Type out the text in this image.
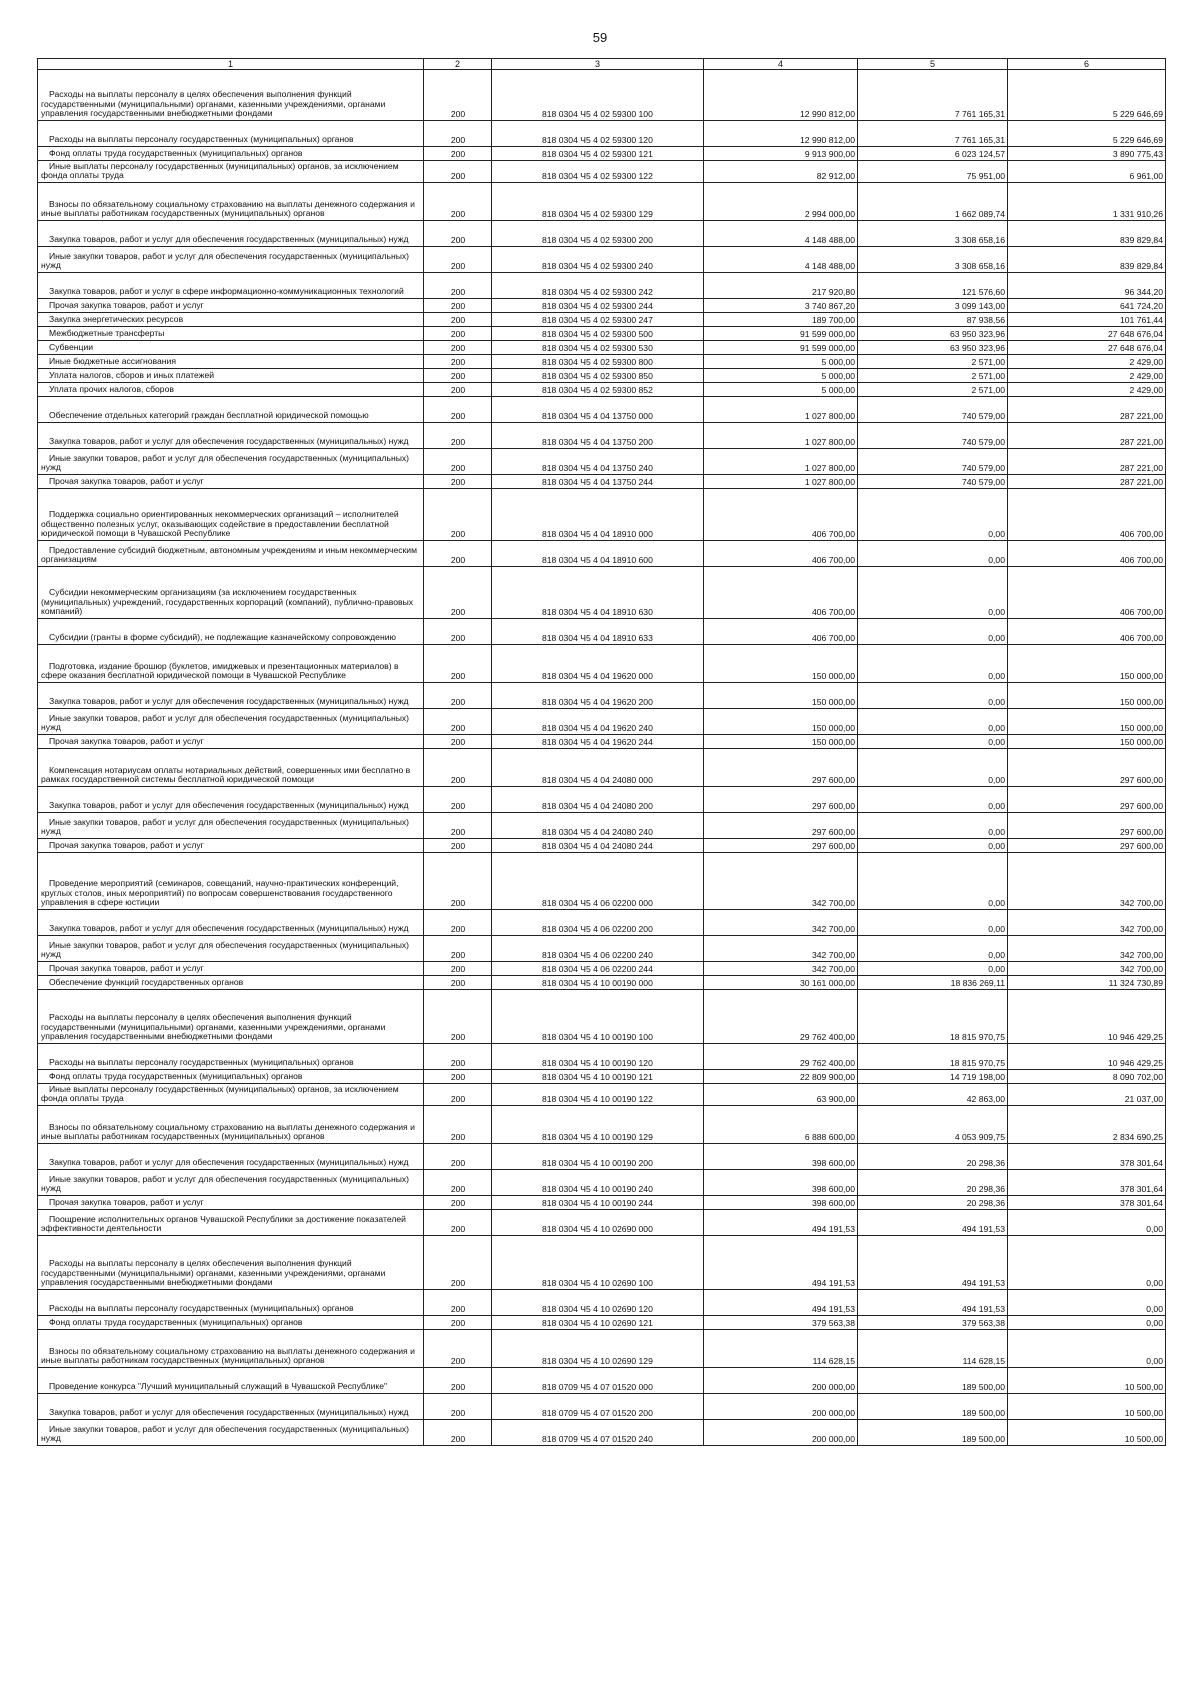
59
1	2	3	4	5	6
Расходы на выплаты персоналу в целях обеспечения выполнения функций государственными (муниципальными) органами, казенными учреждениями, органами управления государственными внебюджетными фондами	200	818 0304 Ч5 4 02 59300 100	12 990 812,00	7 761 165,31	5 229 646,69
Расходы на выплаты персоналу государственных (муниципальных) органов	200	818 0304 Ч5 4 02 59300 120	12 990 812,00	7 761 165,31	5 229 646,69
Фонд оплаты труда государственных (муниципальных) органов	200	818 0304 Ч5 4 02 59300 121	9 913 900,00	6 023 124,57	3 890 775,43
Иные выплаты персоналу государственных (муниципальных) органов, за исключением фонда оплаты труда	200	818 0304 Ч5 4 02 59300 122	82 912,00	75 951,00	6 961,00
Взносы по обязательному социальному страхованию на выплаты денежного содержания и иные выплаты работникам государственных (муниципальных) органов	200	818 0304 Ч5 4 02 59300 129	2 994 000,00	1 662 089,74	1 331 910,26
Закупка товаров, работ и услуг для обеспечения государственных (муниципальных) нужд	200	818 0304 Ч5 4 02 59300 200	4 148 488,00	3 308 658,16	839 829,84
Иные закупки товаров, работ и услуг для обеспечения государственных (муниципальных) нужд	200	818 0304 Ч5 4 02 59300 240	4 148 488,00	3 308 658,16	839 829,84
Закупка товаров, работ и услуг в сфере информационно-коммуникационных технологий	200	818 0304 Ч5 4 02 59300 242	217 920,80	121 576,60	96 344,20
Прочая закупка товаров, работ и услуг	200	818 0304 Ч5 4 02 59300 244	3 740 867,20	3 099 143,00	641 724,20
Закупка энергетических ресурсов	200	818 0304 Ч5 4 02 59300 247	189 700,00	87 938,56	101 761,44
Межбюджетные трансферты	200	818 0304 Ч5 4 02 59300 500	91 599 000,00	63 950 323,96	27 648 676,04
Субвенции	200	818 0304 Ч5 4 02 59300 530	91 599 000,00	63 950 323,96	27 648 676,04
Иные бюджетные ассигнования	200	818 0304 Ч5 4 02 59300 800	5 000,00	2 571,00	2 429,00
Уплата налогов, сборов и иных платежей	200	818 0304 Ч5 4 02 59300 850	5 000,00	2 571,00	2 429,00
Уплата прочих налогов, сборов	200	818 0304 Ч5 4 02 59300 852	5 000,00	2 571,00	2 429,00
Обеспечение отдельных категорий граждан бесплатной юридической помощью	200	818 0304 Ч5 4 04 13750 000	1 027 800,00	740 579,00	287 221,00
Закупка товаров, работ и услуг для обеспечения государственных (муниципальных) нужд	200	818 0304 Ч5 4 04 13750 200	1 027 800,00	740 579,00	287 221,00
Иные закупки товаров, работ и услуг для обеспечения государственных (муниципальных) нужд	200	818 0304 Ч5 4 04 13750 240	1 027 800,00	740 579,00	287 221,00
Прочая закупка товаров, работ и услуг	200	818 0304 Ч5 4 04 13750 244	1 027 800,00	740 579,00	287 221,00
Поддержка социально ориентированных некоммерческих организаций – исполнителей общественно полезных услуг, оказывающих содействие в предоставлении бесплатной юридической помощи в Чувашской Республике	200	818 0304 Ч5 4 04 18910 000	406 700,00	0,00	406 700,00
Предоставление субсидий бюджетным, автономным учреждениям и иным некоммерческим организациям	200	818 0304 Ч5 4 04 18910 600	406 700,00	0,00	406 700,00
Субсидии некоммерческим организациям (за исключением государственных (муниципальных) учреждений, государственных корпораций (компаний), публично-правовых компаний)	200	818 0304 Ч5 4 04 18910 630	406 700,00	0,00	406 700,00
Субсидии (гранты в форме субсидий), не подлежащие казначейскому сопровождению	200	818 0304 Ч5 4 04 18910 633	406 700,00	0,00	406 700,00
Подготовка, издание брошюр (буклетов, имиджевых и презентационных материалов) в сфере оказания бесплатной юридической помощи в Чувашской Республике	200	818 0304 Ч5 4 04 19620 000	150 000,00	0,00	150 000,00
Закупка товаров, работ и услуг для обеспечения государственных (муниципальных) нужд	200	818 0304 Ч5 4 04 19620 200	150 000,00	0,00	150 000,00
Иные закупки товаров, работ и услуг для обеспечения государственных (муниципальных) нужд	200	818 0304 Ч5 4 04 19620 240	150 000,00	0,00	150 000,00
Прочая закупка товаров, работ и услуг	200	818 0304 Ч5 4 04 19620 244	150 000,00	0,00	150 000,00
Компенсация нотариусам оплаты нотариальных действий, совершенных ими бесплатно в рамках государственной системы бесплатной юридической помощи	200	818 0304 Ч5 4 04 24080 000	297 600,00	0,00	297 600,00
Закупка товаров, работ и услуг для обеспечения государственных (муниципальных) нужд	200	818 0304 Ч5 4 04 24080 200	297 600,00	0,00	297 600,00
Иные закупки товаров, работ и услуг для обеспечения государственных (муниципальных) нужд	200	818 0304 Ч5 4 04 24080 240	297 600,00	0,00	297 600,00
Прочая закупка товаров, работ и услуг	200	818 0304 Ч5 4 04 24080 244	297 600,00	0,00	297 600,00
Проведение мероприятий (семинаров, совещаний, научно-практических конференций, круглых столов, иных мероприятий) по вопросам совершенствования государственного управления в сфере юстиции	200	818 0304 Ч5 4 06 02200 000	342 700,00	0,00	342 700,00
Закупка товаров, работ и услуг для обеспечения государственных (муниципальных) нужд	200	818 0304 Ч5 4 06 02200 200	342 700,00	0,00	342 700,00
Иные закупки товаров, работ и услуг для обеспечения государственных (муниципальных) нужд	200	818 0304 Ч5 4 06 02200 240	342 700,00	0,00	342 700,00
Прочая закупка товаров, работ и услуг	200	818 0304 Ч5 4 06 02200 244	342 700,00	0,00	342 700,00
Обеспечение функций государственных органов	200	818 0304 Ч5 4 10 00190 000	30 161 000,00	18 836 269,11	11 324 730,89
Расходы на выплаты персоналу в целях обеспечения выполнения функций государственными (муниципальными) органами, казенными учреждениями, органами управления государственными внебюджетными фондами	200	818 0304 Ч5 4 10 00190 100	29 762 400,00	18 815 970,75	10 946 429,25
Расходы на выплаты персоналу государственных (муниципальных) органов	200	818 0304 Ч5 4 10 00190 120	29 762 400,00	18 815 970,75	10 946 429,25
Фонд оплаты труда государственных (муниципальных) органов	200	818 0304 Ч5 4 10 00190 121	22 809 900,00	14 719 198,00	8 090 702,00
Иные выплаты персоналу государственных (муниципальных) органов, за исключением фонда оплаты труда	200	818 0304 Ч5 4 10 00190 122	63 900,00	42 863,00	21 037,00
Взносы по обязательному социальному страхованию на выплаты денежного содержания и иные выплаты работникам государственных (муниципальных) органов	200	818 0304 Ч5 4 10 00190 129	6 888 600,00	4 053 909,75	2 834 690,25
Закупка товаров, работ и услуг для обеспечения государственных (муниципальных) нужд	200	818 0304 Ч5 4 10 00190 200	398 600,00	20 298,36	378 301,64
Иные закупки товаров, работ и услуг для обеспечения государственных (муниципальных) нужд	200	818 0304 Ч5 4 10 00190 240	398 600,00	20 298,36	378 301,64
Прочая закупка товаров, работ и услуг	200	818 0304 Ч5 4 10 00190 244	398 600,00	20 298,36	378 301,64
Поощрение исполнительных органов Чувашской Республики за достижение показателей эффективности деятельности	200	818 0304 Ч5 4 10 02690 000	494 191,53	494 191,53	0,00
Расходы на выплаты персоналу в целях обеспечения выполнения функций государственными (муниципальными) органами, казенными учреждениями, органами управления государственными внебюджетными фондами	200	818 0304 Ч5 4 10 02690 100	494 191,53	494 191,53	0,00
Расходы на выплаты персоналу государственных (муниципальных) органов	200	818 0304 Ч5 4 10 02690 120	494 191,53	494 191,53	0,00
Фонд оплаты труда государственных (муниципальных) органов	200	818 0304 Ч5 4 10 02690 121	379 563,38	379 563,38	0,00
Взносы по обязательному социальному страхованию на выплаты денежного содержания и иные выплаты работникам государственных (муниципальных) органов	200	818 0304 Ч5 4 10 02690 129	114 628,15	114 628,15	0,00
Проведение конкурса "Лучший муниципальный служащий в Чувашской Республике"	200	818 0709 Ч5 4 07 01520 000	200 000,00	189 500,00	10 500,00
Закупка товаров, работ и услуг для обеспечения государственных (муниципальных) нужд	200	818 0709 Ч5 4 07 01520 200	200 000,00	189 500,00	10 500,00
Иные закупки товаров, работ и услуг для обеспечения государственных (муниципальных) нужд	200	818 0709 Ч5 4 07 01520 240	200 000,00	189 500,00	10 500,00
